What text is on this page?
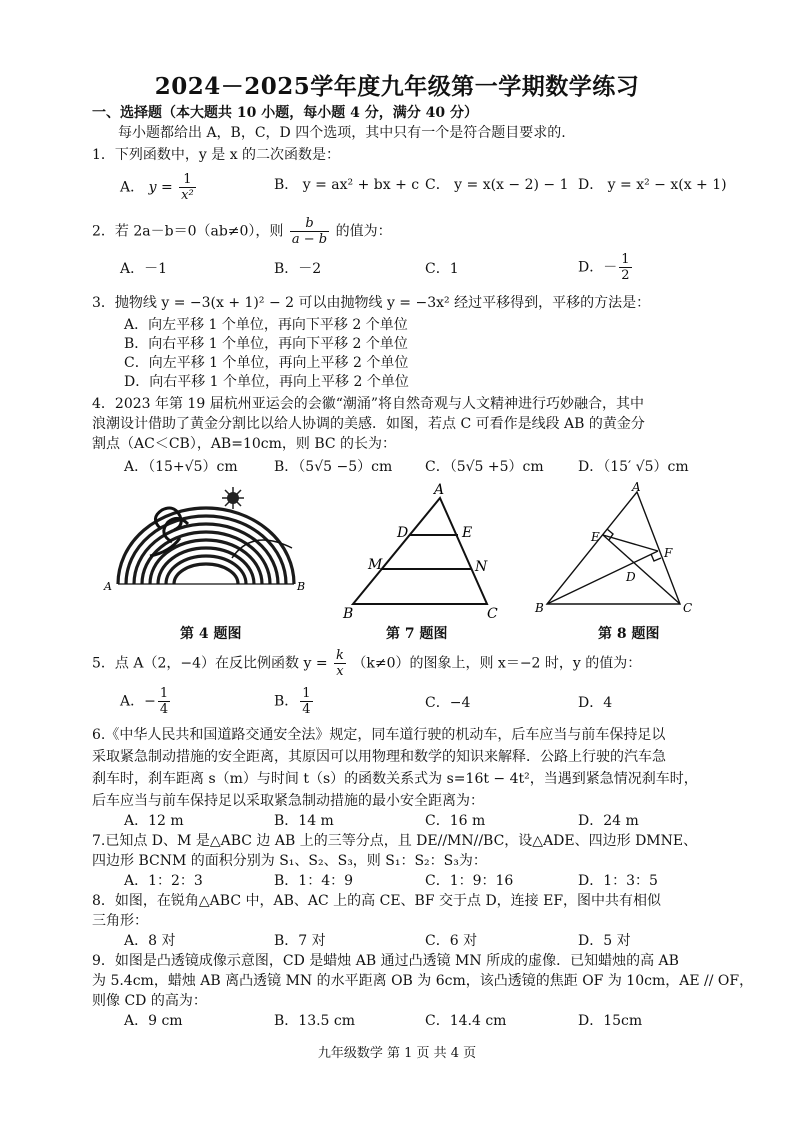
2024－2025学年度九年级第一学期数学练习
一、选择题（本大题共 10 小题，每小题 4 分，满分 40 分）
每小题都给出 A，B，C，D 四个选项，其中只有一个是符合题目要求的.
1．下列函数中，y 是 x 的二次函数是：
A． $y = \frac{1}{\text{x²}}$	B． y = ax² + bx + c C． y = x(x − 2) − 1 D． y = x² − x(x + 1)
2．若 2a－b＝0（ab≠0），则 $\frac{b}{a - b}$ 的值为：
A．－1	B．－2	C．1	D．－ $\frac{1}{2}$
3．抛物线 y = −3(x + 1)² − 2 可以由抛物线 y = −3x² 经过平移得到，平移的方法是：
A．向左平移 1 个单位，再向下平移 2 个单位
B．向右平移 1 个单位，再向下平移 2 个单位
C．向左平移 1 个单位，再向上平移 2 个单位
D．向右平移 1 个单位，再向上平移 2 个单位
4．2023 年第 19 届杭州亚运会的会徽“潮涌”将自然奇观与人文精神进行巧妙融合，其中
浪潮设计借助了黄金分割比以给人协调的美感．如图，若点 C 可看作是线段 AB 的黄金分
割点（AC＜CB），AB=10cm，则 BC 的长为：
A．（15+√5）cm	B．（5√5 −5）cm C．（5√5 +5）cm D．（15′ √5）cm
A	B
A
D	E
M	N
B	C
A
E
F
D
B	C
第 4 题图	第 7 题图	第 8 题图
5．点 A（2，−4）在反比例函数 $y = \frac{k}{x} (k\ne 0)$的图象上，则 x＝−2 时，y 的值为：
A．− $\frac{1}{4}$	B． $\frac{1}{4}$	C．−4	D．4
6.《中华人民共和国道路交通安全法》规定，同车道行驶的机动车，后车应当与前车保持足以
采取紧急制动措施的安全距离，其原因可以用物理和数学的知识来解释．公路上行驶的汽车急
刹车时，刹车距离 s（m）与时间 t（s）的函数关系式为 s=16t − 4t²，当遇到紧急情况刹车时，
后车应当与前车保持足以采取紧急制动措施的最小安全距离为：
A．12 m	B．14 m	C．16 m	D．24 m
7.已知点 D、M 是△ABC 边 AB 上的三等分点，且 DE//MN//BC，设△ADE、四边形 DMNE、
四边形 BCNM 的面积分别为 S₁、S₂、S₃，则 S₁：S₂：S₃为：
A．1：2：3	B．1：4：9	C．1：9：16	D．1：3：5
8．如图，在锐角△ABC 中，AB、AC 上的高 CE、BF 交于点 D，连接 EF，图中共有相似
三角形：
A．8 对	B．7 对	C．6 对	D．5 对
9．如图是凸透镜成像示意图，CD 是蜡烛 AB 通过凸透镜 MN 所成的虚像．已知蜡烛的高 AB
为 5.4cm，蜡烛 AB 离凸透镜 MN 的水平距离 OB 为 6cm，该凸透镜的焦距 OF 为 10cm，AE // OF，
则像 CD 的高为：
A．9 cm	B．13.5 cm	C．14.4 cm	D．15cm
九年级数学 第 1 页 共 4 页
